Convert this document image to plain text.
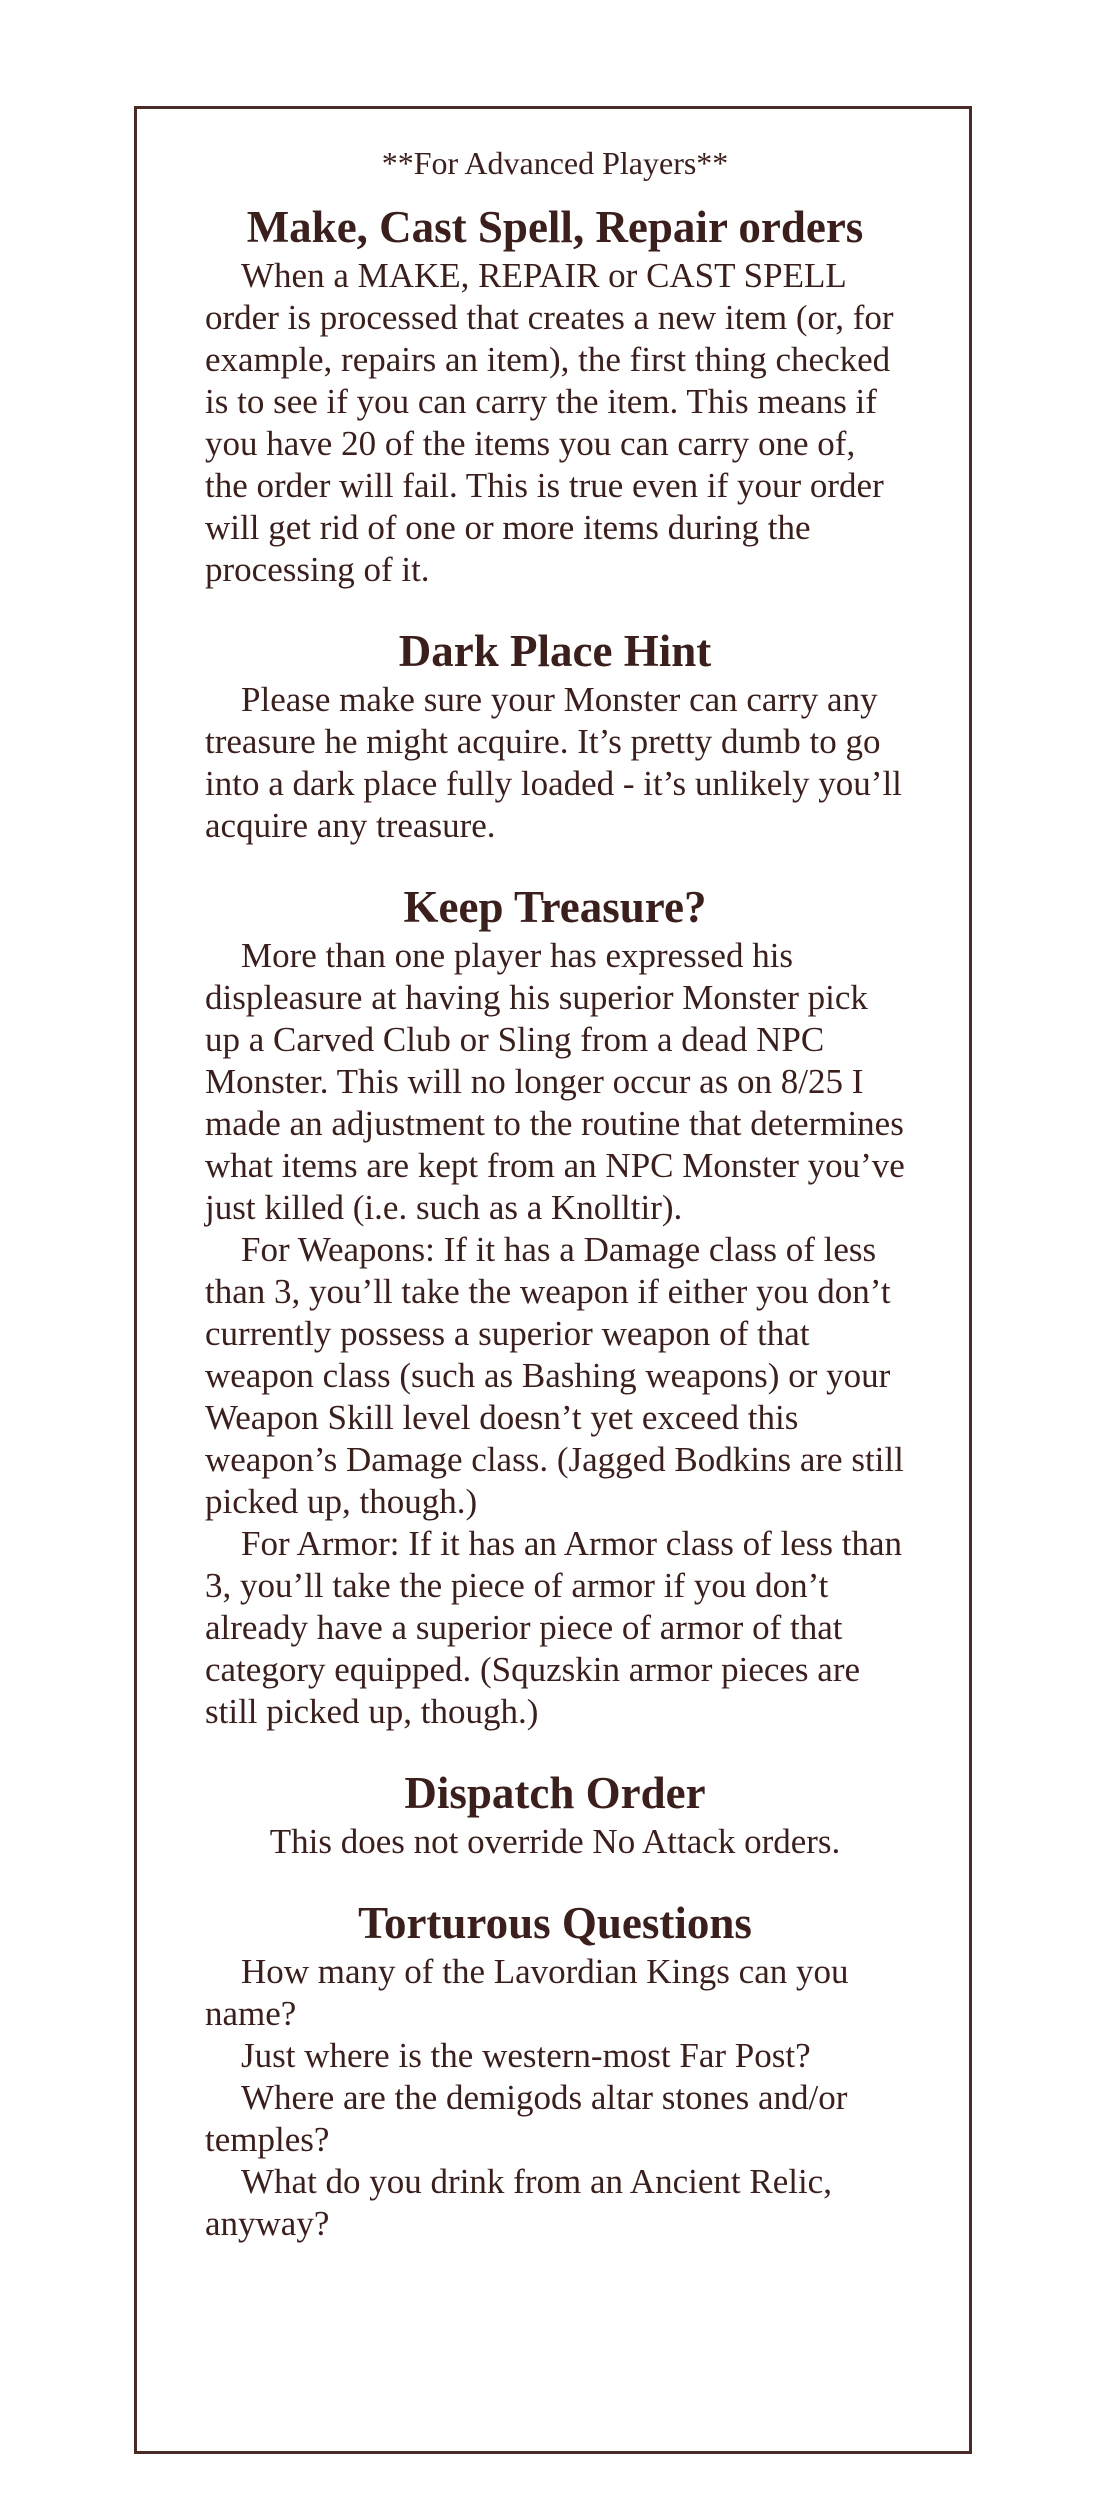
**For Advanced Players**
Make, Cast Spell, Repair orders

When a MAKE, REPAIR or CAST SPELL order is processed that creates a new item (or, for example, repairs an item), the first thing checked is to see if you can carry the item. This means if you have 20 of the items you can carry one of, the order will fail. This is true even if your order will get rid of one or more items during the processing of it.

Dark Place Hint

Please make sure your Monster can carry any treasure he might acquire. It’s pretty dumb to go into a dark place fully loaded - it’s unlikely you’ll acquire any treasure.

Keep Treasure?

More than one player has expressed his displeasure at having his superior Monster pick up a Carved Club or Sling from a dead NPC Monster. This will no longer occur as on 8/25 I made an adjustment to the routine that determines what items are kept from an NPC Monster you’ve just killed (i.e. such as a Knolltir).

For Weapons: If it has a Damage class of less than 3, you’ll take the weapon if either you don’t currently possess a superior weapon of that weapon class (such as Bashing weapons) or your Weapon Skill level doesn’t yet exceed this weapon’s Damage class. (Jagged Bodkins are still picked up, though.)

For Armor: If it has an Armor class of less than 3, you’ll take the piece of armor if you don’t already have a superior piece of armor of that category equipped. (Squzskin armor pieces are still picked up, though.)

Dispatch Order

This does not override No Attack orders.

Torturous Questions

How many of the Lavordian Kings can you name?

Just where is the western-most Far Post?

Where are the demigods altar stones and/or temples?

What do you drink from an Ancient Relic, anyway?
